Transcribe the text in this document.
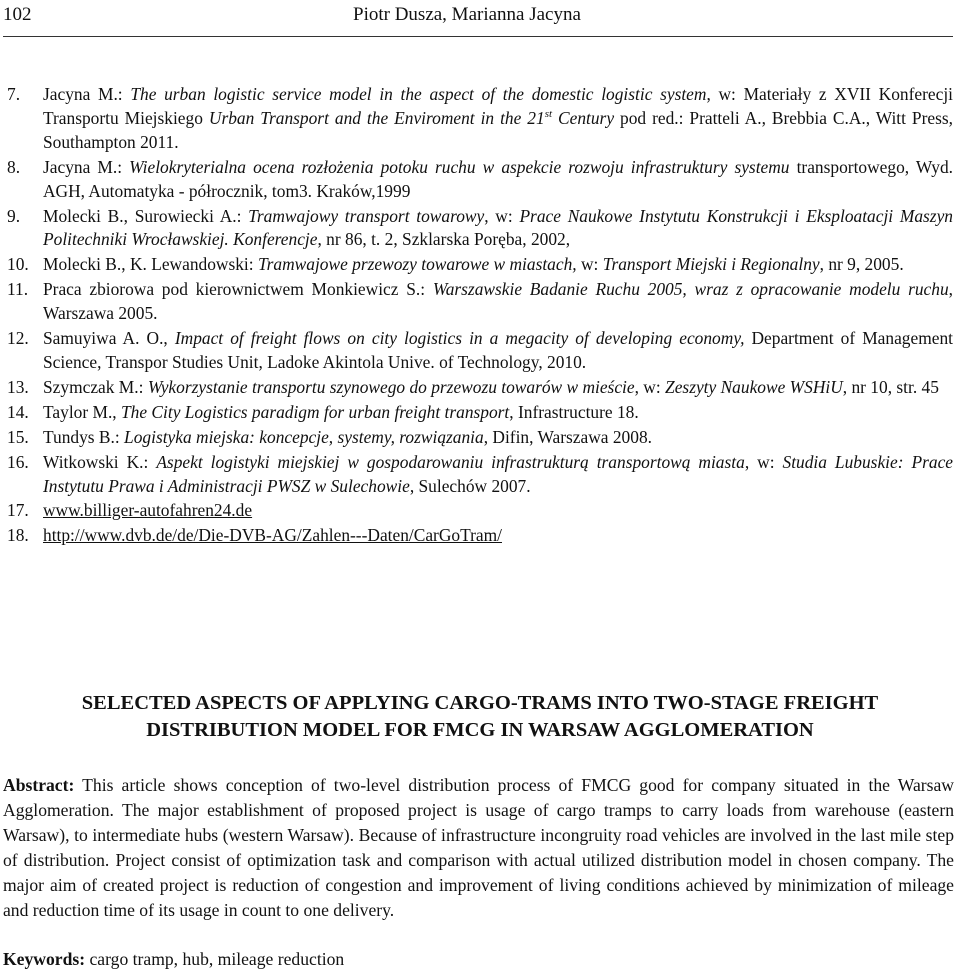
102	Piotr Dusza, Marianna Jacyna
7. Jacyna M.: The urban logistic service model in the aspect of the domestic logistic system, w: Materiały z XVII Konferecji Transportu Miejskiego Urban Transport and the Enviroment in the 21st Century pod red.: Pratteli A., Brebbia C.A., Witt Press, Southampton 2011.
8. Jacyna M.: Wielokryterialna ocena rozłożenia potoku ruchu w aspekcie rozwoju infrastruktury systemu transportowego, Wyd. AGH, Automatyka - półrocznik, tom3. Kraków,1999
9. Molecki B., Surowiecki A.: Tramwajowy transport towarowy, w: Prace Naukowe Instytutu Konstrukcji i Eksploatacji Maszyn Politechniki Wrocławskiej. Konferencje, nr 86, t. 2, Szklarska Poręba, 2002,
10. Molecki B., K. Lewandowski: Tramwajowe przewozy towarowe w miastach, w: Transport Miejski i Regionalny, nr 9, 2005.
11. Praca zbiorowa pod kierownictwem Monkiewicz S.: Warszawskie Badanie Ruchu 2005, wraz z opracowanie modelu ruchu, Warszawa 2005.
12. Samuyiwa A. O., Impact of freight flows on city logistics in a megacity of developing economy, Department of Management Science, Transpor Studies Unit, Ladoke Akintola Unive. of Technology, 2010.
13. Szymczak M.: Wykorzystanie transportu szynowego do przewozu towarów w mieście, w: Zeszyty Naukowe WSHiU, nr 10, str. 45
14. Taylor M., The City Logistics paradigm for urban freight transport, Infrastructure 18.
15. Tundys B.: Logistyka miejska: koncepcje, systemy, rozwiązania, Difin, Warszawa 2008.
16. Witkowski K.: Aspekt logistyki miejskiej w gospodarowaniu infrastrukturą transportową miasta, w: Studia Lubuskie: Prace Instytutu Prawa i Administracji PWSZ w Sulechowie, Sulechów 2007.
17. www.billiger-autofahren24.de
18. http://www.dvb.de/de/Die-DVB-AG/Zahlen---Daten/CarGoTram/
SELECTED ASPECTS OF APPLYING CARGO-TRAMS INTO TWO-STAGE FREIGHT
DISTRIBUTION MODEL FOR FMCG IN WARSAW AGGLOMERATION
Abstract: This article shows conception of two-level distribution process of FMCG good for company situated in the Warsaw Agglomeration. The major establishment of proposed project is usage of cargo tramps to carry loads from warehouse (eastern Warsaw), to intermediate hubs (western Warsaw). Because of infrastructure incongruity road vehicles are involved in the last mile step of distribution. Project consist of optimization task and comparison with actual utilized distribution model in chosen company. The major aim of created project is reduction of congestion and improvement of living conditions achieved by minimization of mileage and reduction time of its usage in count to one delivery.
Keywords: cargo tramp, hub, mileage reduction
